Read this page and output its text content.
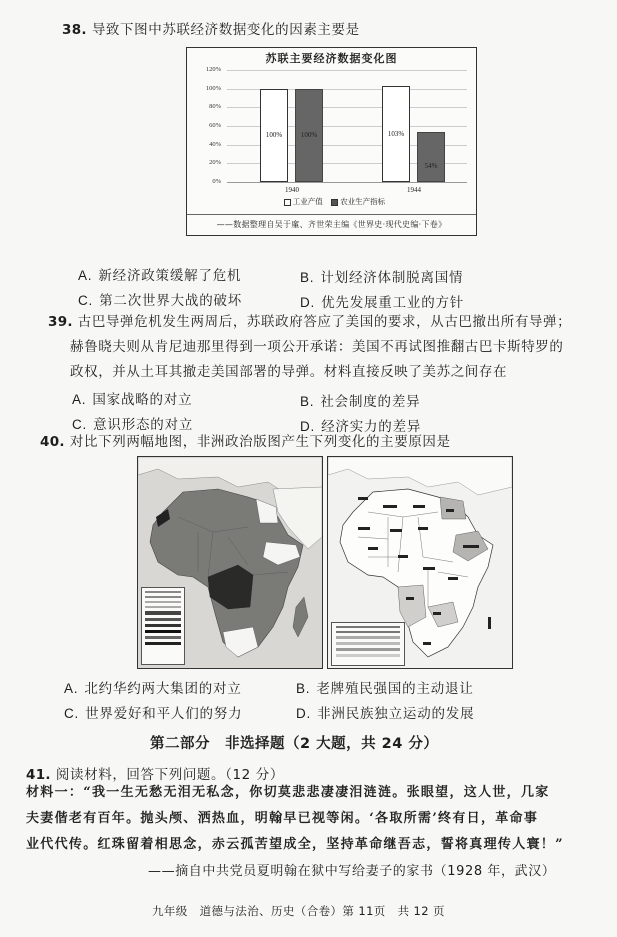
38. 导致下图中苏联经济数据变化的因素主要是
苏联主要经济数据变化图
120%
100%
80%
60%
40%
20%
0%
100%	100%	103%
54%
1940	1944
工业产值 农业生产指标
——数据整理自吴于廑、齐世荣主编《世界史·现代史编·下卷》
A. 新经济政策缓解了危机	B. 计划经济体制脱离国情
C. 第二次世界大战的破坏	D. 优先发展重工业的方针
39. 古巴导弹危机发生两周后，苏联政府答应了美国的要求，从古巴撤出所有导弹；
赫鲁晓夫则从肯尼迪那里得到一项公开承诺：美国不再试图推翻古巴卡斯特罗的
政权，并从土耳其撤走美国部署的导弹。材料直接反映了美苏之间存在
A. 国家战略的对立	B. 社会制度的差异
C. 意识形态的对立	D. 经济实力的差异
40. 对比下列两幅地图，非洲政治版图产生下列变化的主要原因是
A. 北约华约两大集团的对立	B. 老牌殖民强国的主动退让
C. 世界爱好和平人们的努力	D. 非洲民族独立运动的发展
第二部分　非选择题（2 大题，共 24 分）
41. 阅读材料，回答下列问题。（12 分）
材料一：“我一生无愁无泪无私念，你切莫悲悲凄凄泪涟涟。张眼望，这人世，几家
夫妻偕老有百年。抛头颅、洒热血，明翰早已视等闲。‘各取所需’终有日，革命事
业代代传。红珠留着相思念，赤云孤苦望成全，坚持革命继吾志，誓将真理传人寰！”
——摘自中共党员夏明翰在狱中写给妻子的家书（1928 年，武汉）
九年级　道德与法治、历史（合卷）第 11页　共 12 页
